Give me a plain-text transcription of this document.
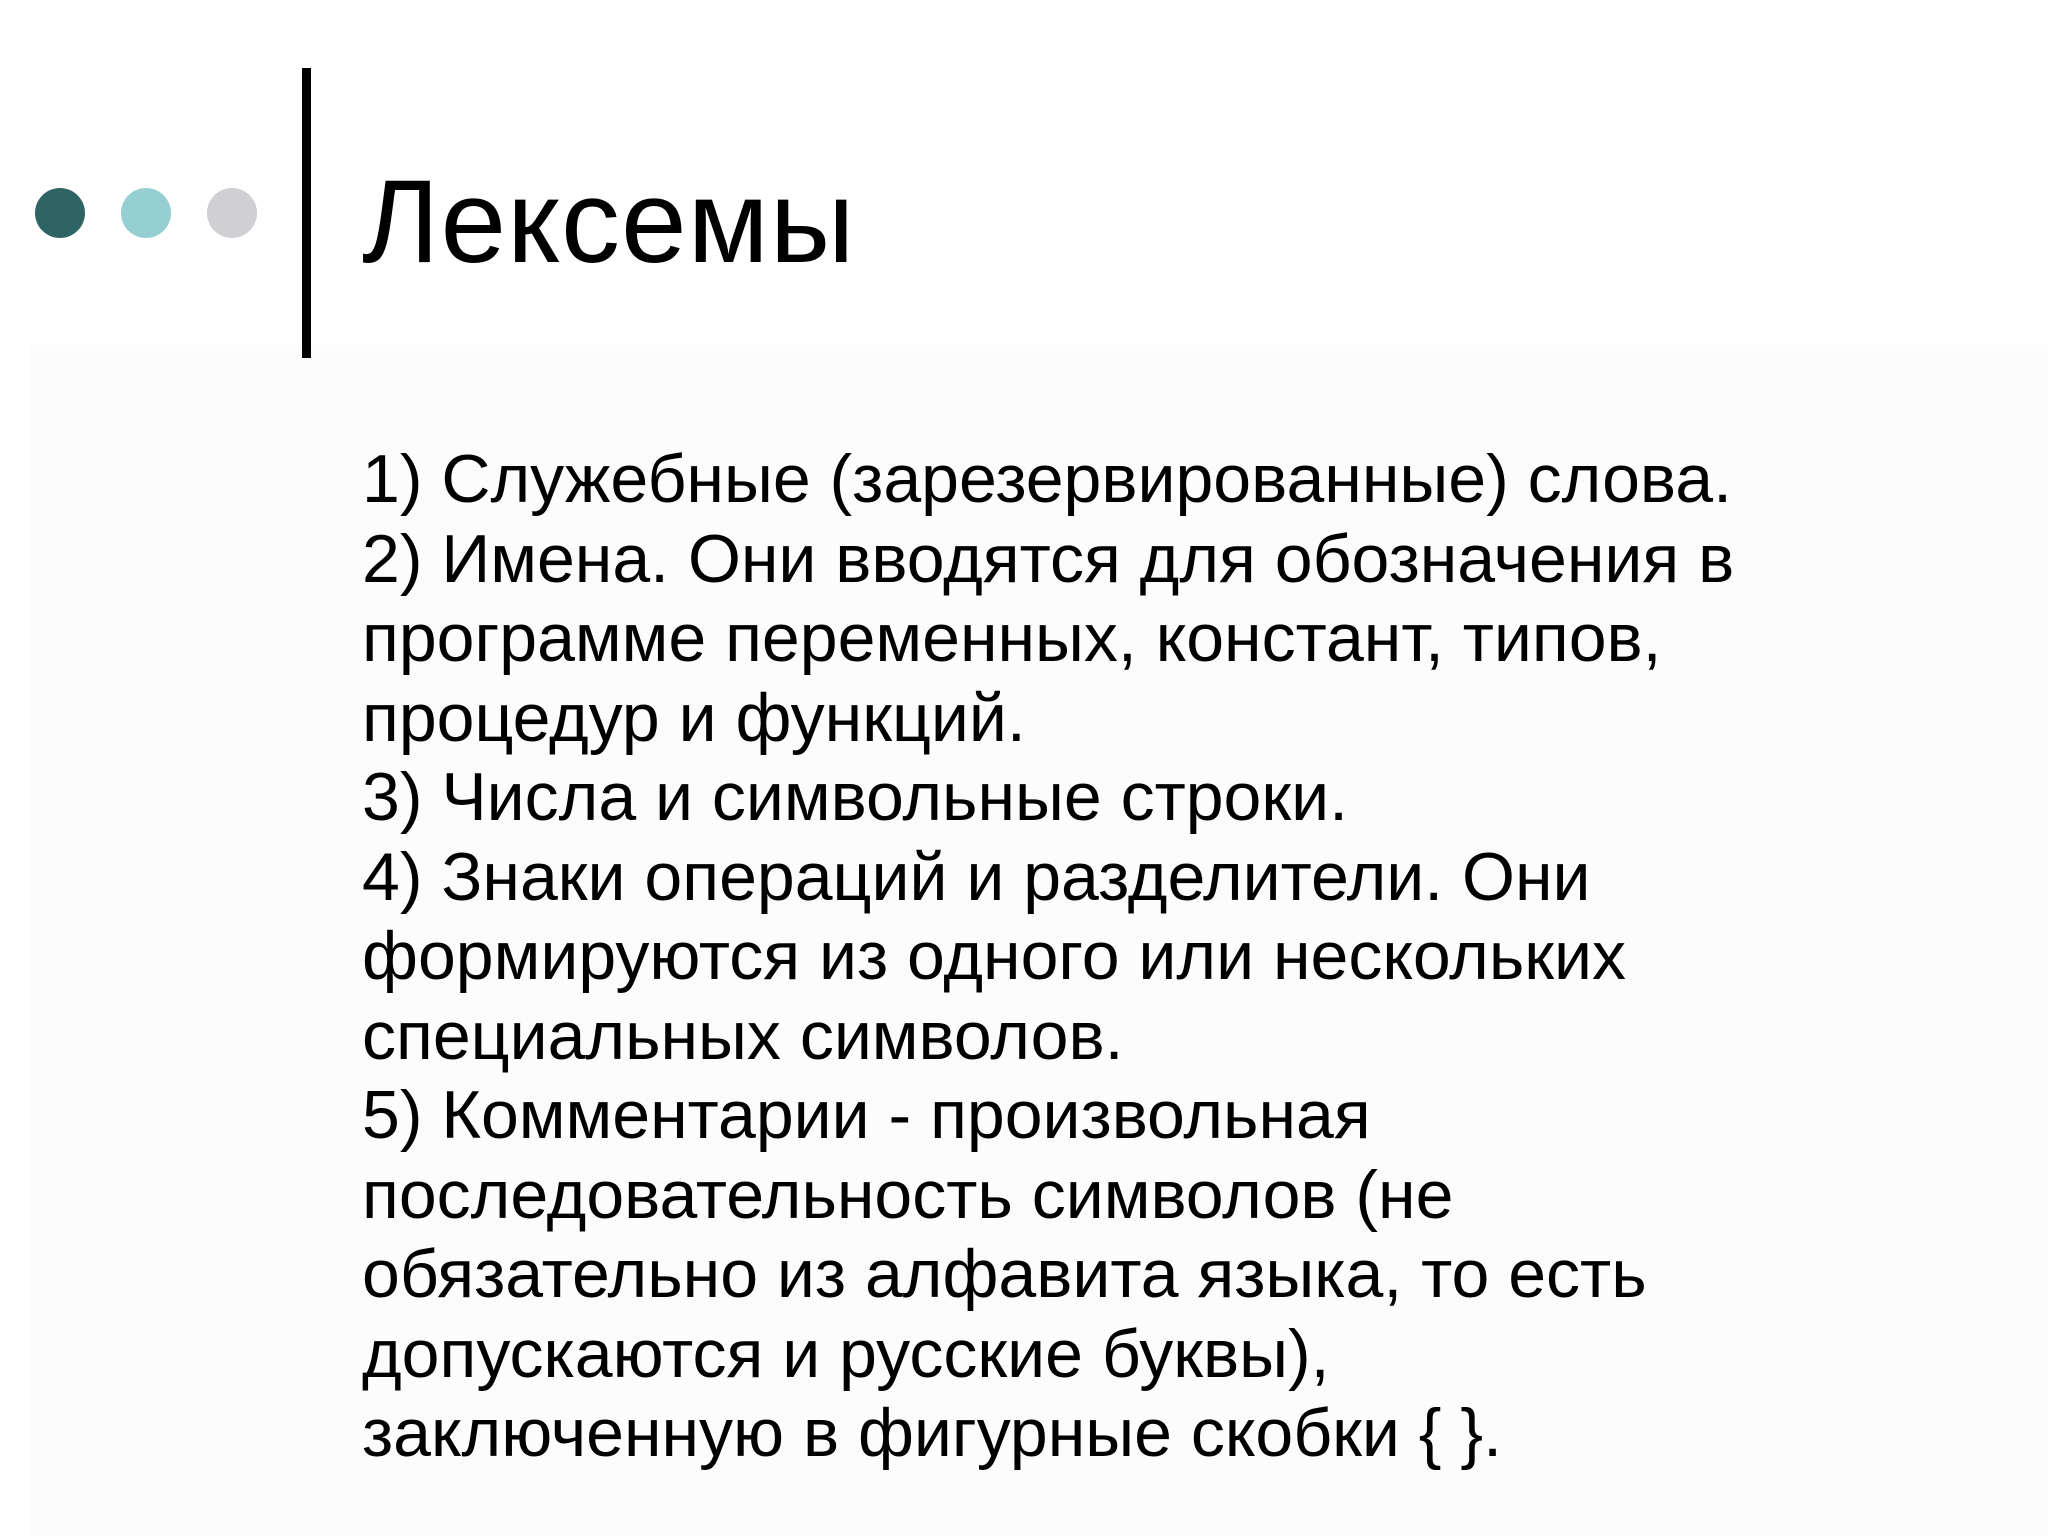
Лексемы
1) Служебные (зарезервированные) слова.
2) Имена. Они вводятся для обозначения в
программе переменных, констант, типов,
процедур и функций.
3) Числа и символьные строки.
4) Знаки операций и разделители. Они
формируются из одного или нескольких
специальных символов.
5) Комментарии - произвольная
последовательность символов (не
обязательно из алфавита языка, то есть
допускаются и русские буквы),
заключенную в фигурные скобки { }.
